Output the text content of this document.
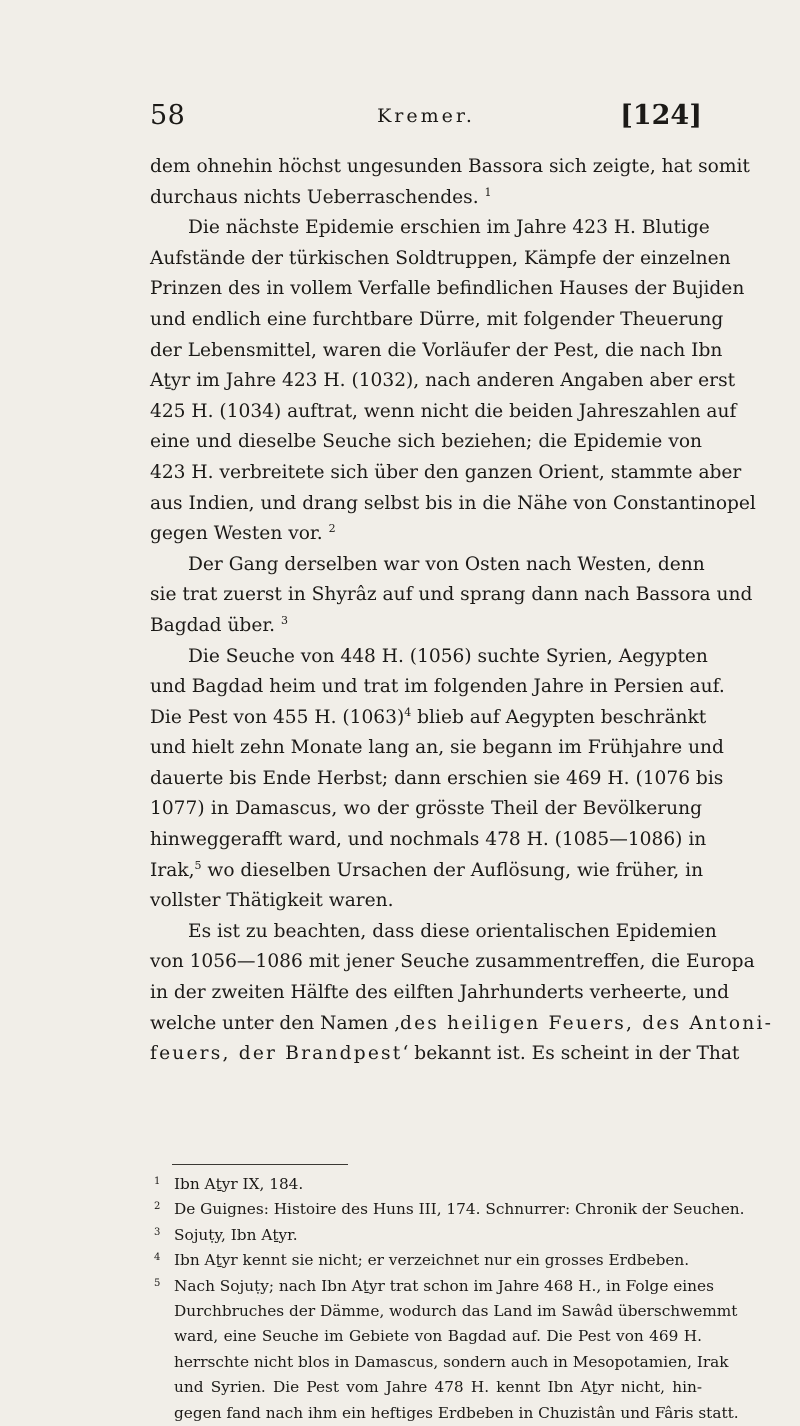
58	Kremer.	[124]
dem ohnehin höchst ungesunden Bassora sich zeigte, hat somit
durchaus nichts Ueberraschendes. $^1$
Die nächste Epidemie erschien im Jahre 423 H. Blutige
Aufstände der türkischen Soldtruppen, Kämpfe der einzelnen
Prinzen des in vollem Verfalle befindlichen Hauses der Bujiden
und endlich eine furchtbare Dürre, mit folgender Theuerung
der Lebensmittel, waren die Vorläufer der Pest, die nach Ibn
Aṯyr im Jahre 423 H. (1032), nach anderen Angaben aber erst
425 H. (1034) auftrat, wenn nicht die beiden Jahreszahlen auf
eine und dieselbe Seuche sich beziehen; die Epidemie von
423 H. verbreitete sich über den ganzen Orient, stammte aber
aus Indien, und drang selbst bis in die Nähe von Constantinopel
gegen Westen vor. $^2$
Der Gang derselben war von Osten nach Westen, denn
sie trat zuerst in Shyrâz auf und sprang dann nach Bassora und
Bagdad über. $^3$
Die Seuche von 448 H. (1056) suchte Syrien, Aegypten
und Bagdad heim und trat im folgenden Jahre in Persien auf.
Die Pest von 455 H. $(1063)^4$ blieb auf Aegypten beschränkt
und hielt zehn Monate lang an, sie begann im Frühjahre und
dauerte bis Ende Herbst; dann erschien sie 469 H. (1076 bis
1077) in Damascus, wo der grösste Theil der Bevölkerung
hinweggerafft ward, und nochmals 478 H. (1085—1086) in
Irak,$^5$ wo dieselben Ursachen der Auflösung, wie früher, in
vollster Thätigkeit waren.
Es ist zu beachten, dass diese orientalischen Epidemien
von 1056—1086 mit jener Seuche zusammentreffen, die Europa
in der zweiten Hälfte des eilften Jahrhunderts verheerte, und
welche unter den Namen ‚des heiligen Feuers, des Antoni-
feuers, der Brandpest‘ bekannt ist. Es scheint in der That
1 Ibn Aṯyr IX, 184.
2 De Guignes: Histoire des Huns III, 174. Schnurrer: Chronik der Seuchen.
3 Sojuṭy, Ibn Aṯyr.
4 Ibn Aṯyr kennt sie nicht; er verzeichnet nur ein grosses Erdbeben.
5 Nach Sojuṭy; nach Ibn Aṯyr trat schon im Jahre 468 H., in Folge eines
Durchbruches der Dämme, wodurch das Land im Sawâd überschwemmt
ward, eine Seuche im Gebiete von Bagdad auf. Die Pest von 469 H.
herrschte nicht blos in Damascus, sondern auch in Mesopotamien, Irak
und Syrien. Die Pest vom Jahre 478 H. kennt Ibn Aṯyr nicht, hin-
gegen fand nach ihm ein heftiges Erdbeben in Chuzistân und Fâris statt.
